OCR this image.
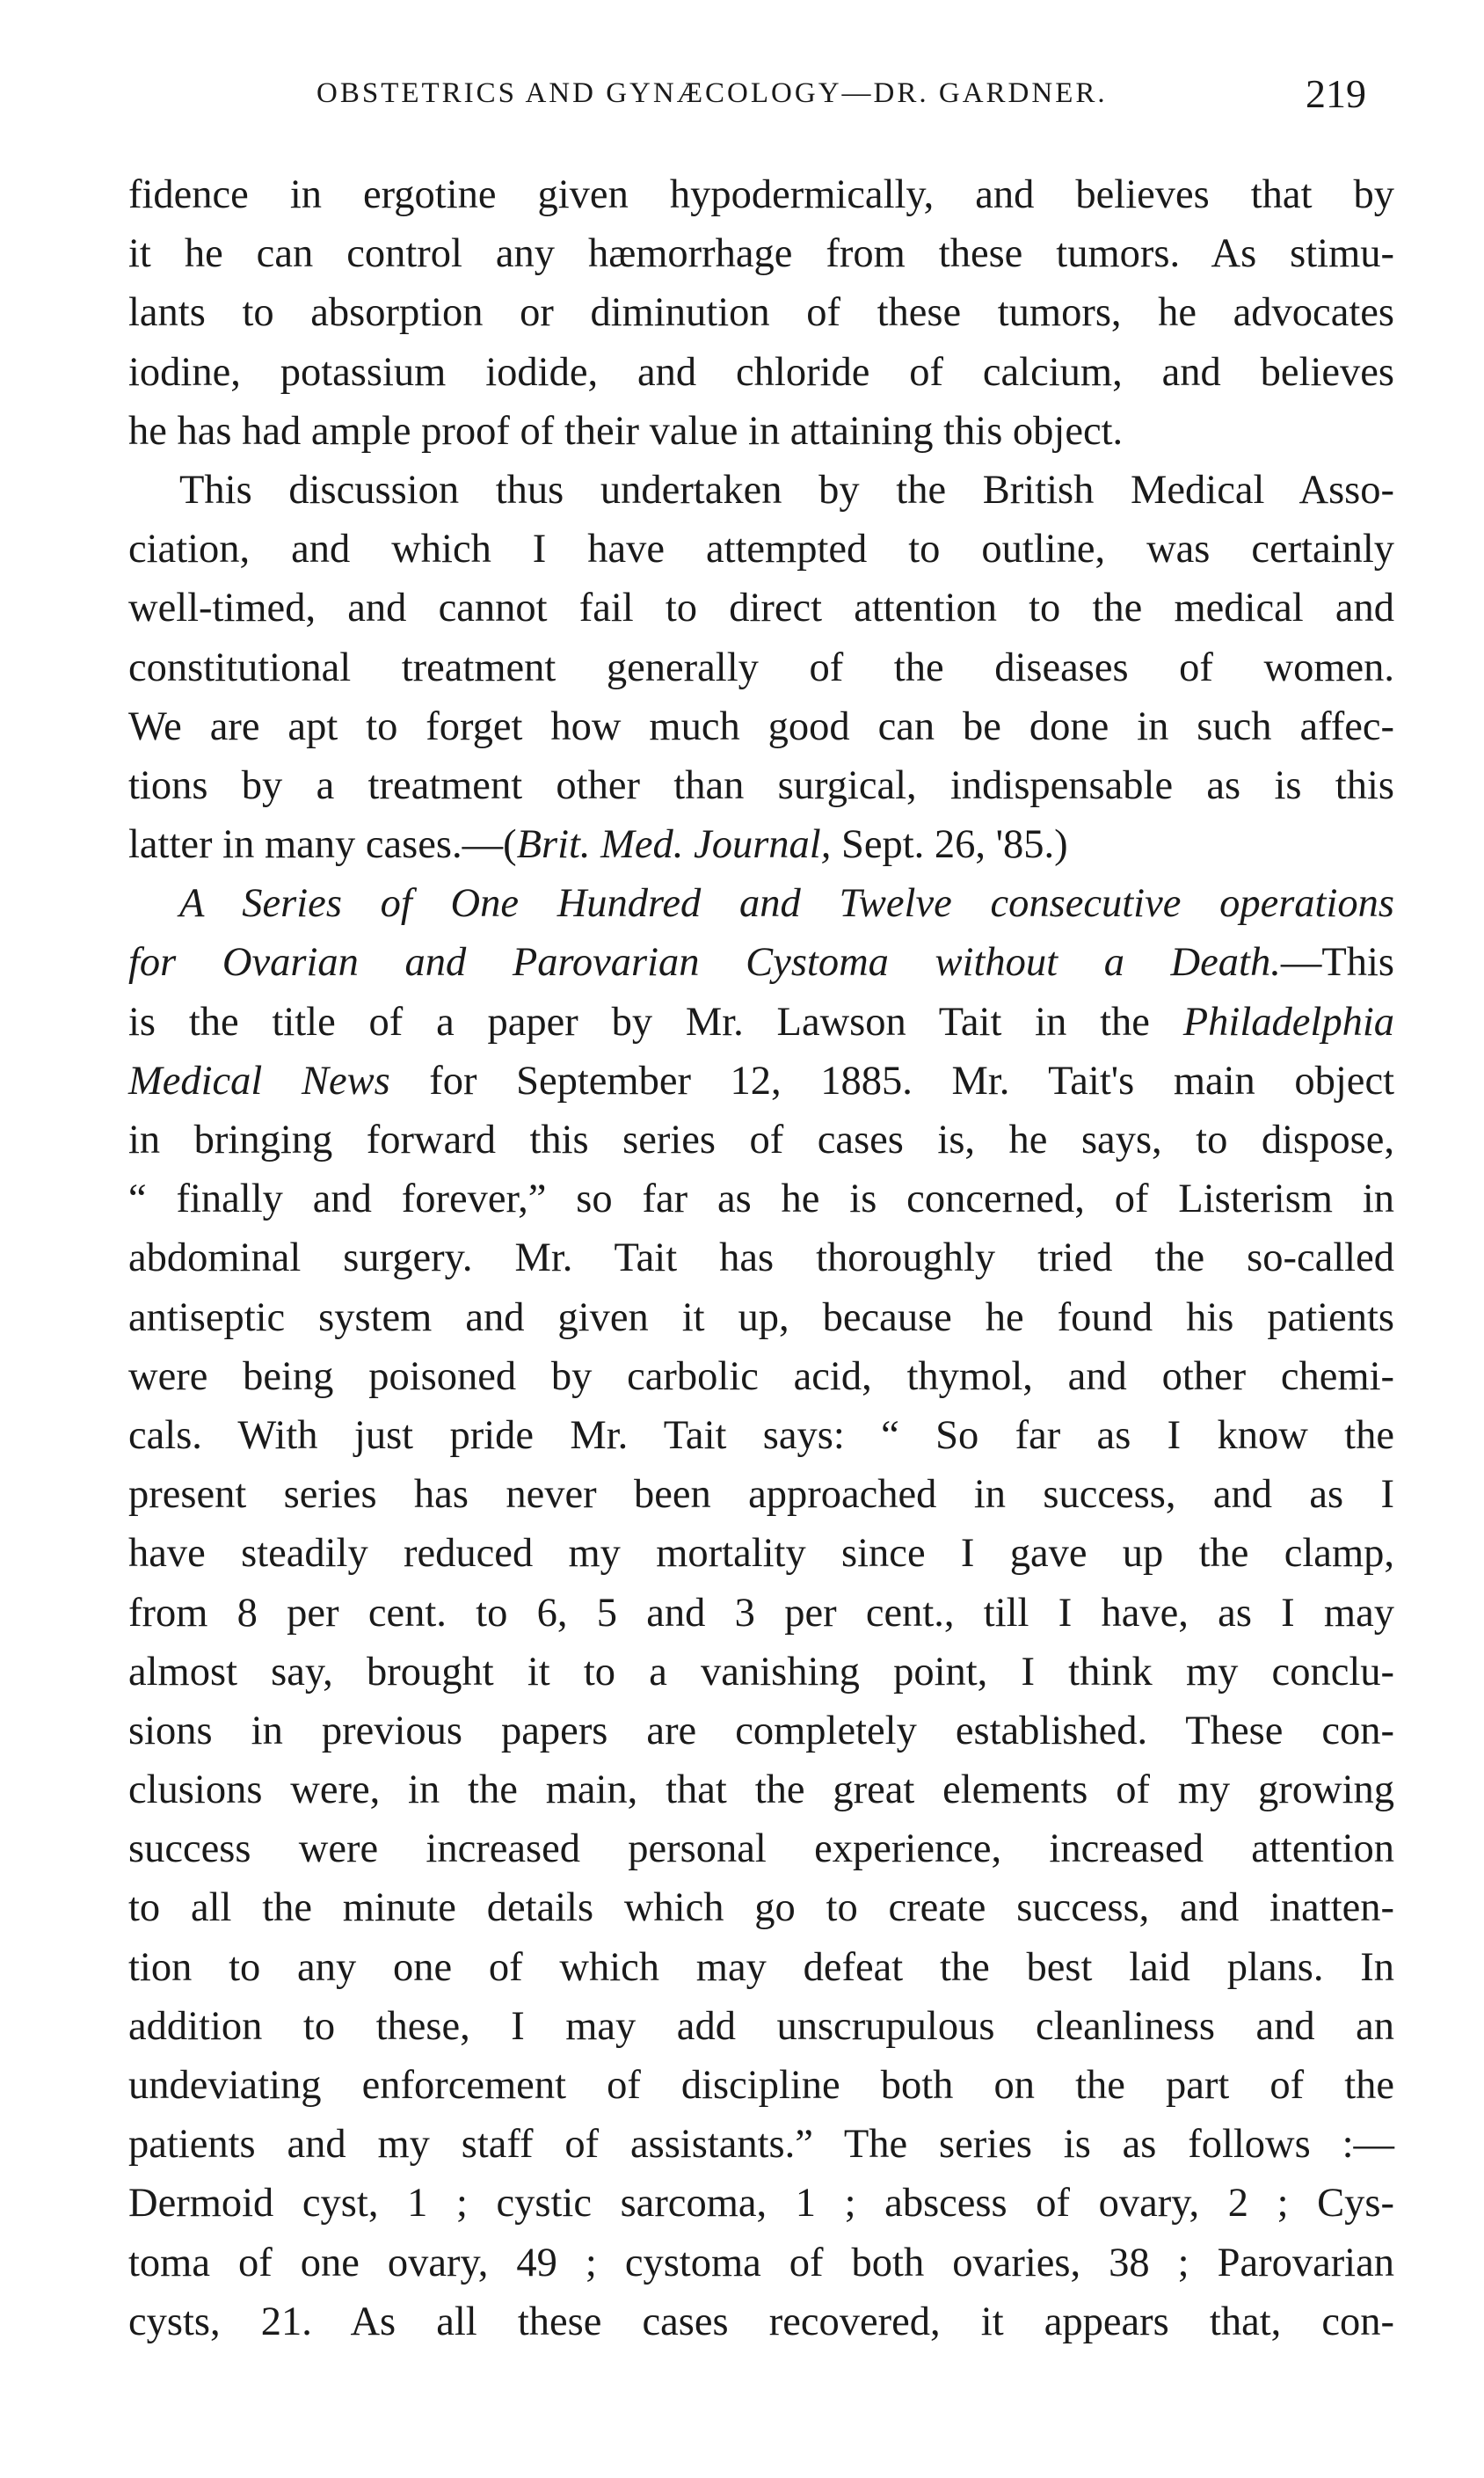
OBSTETRICS AND GYNÆCOLOGY—DR. GARDNER.	219
fidence in ergotine given hypodermically, and believes that by
it he can control any hæmorrhage from these tumors. As stimu-
lants to absorption or diminution of these tumors, he advocates
iodine, potassium iodide, and chloride of calcium, and believes
he has had ample proof of their value in attaining this object.
This discussion thus undertaken by the British Medical Asso-
ciation, and which I have attempted to outline, was certainly
well-timed, and cannot fail to direct attention to the medical and
constitutional treatment generally of the diseases of women.
We are apt to forget how much good can be done in such affec-
tions by a treatment other than surgical, indispensable as is this
latter in many cases.—(Brit. Med. Journal, Sept. 26, '85.)
A Series of One Hundred and Twelve consecutive operations
for Ovarian and Parovarian Cystoma without a Death.—This
is the title of a paper by Mr. Lawson Tait in the Philadelphia
Medical News for September 12, 1885. Mr. Tait's main object
in bringing forward this series of cases is, he says, to dispose,
“ finally and forever,” so far as he is concerned, of Listerism in
abdominal surgery. Mr. Tait has thoroughly tried the so-called
antiseptic system and given it up, because he found his patients
were being poisoned by carbolic acid, thymol, and other chemi-
cals. With just pride Mr. Tait says: “ So far as I know the
present series has never been approached in success, and as I
have steadily reduced my mortality since I gave up the clamp,
from 8 per cent. to 6, 5 and 3 per cent., till I have, as I may
almost say, brought it to a vanishing point, I think my conclu-
sions in previous papers are completely established. These con-
clusions were, in the main, that the great elements of my growing
success were increased personal experience, increased attention
to all the minute details which go to create success, and inatten-
tion to any one of which may defeat the best laid plans. In
addition to these, I may add unscrupulous cleanliness and an
undeviating enforcement of discipline both on the part of the
patients and my staff of assistants.” The series is as follows :—
Dermoid cyst, 1 ; cystic sarcoma, 1 ; abscess of ovary, 2 ; Cys-
toma of one ovary, 49 ; cystoma of both ovaries, 38 ; Parovarian
cysts, 21. As all these cases recovered, it appears that, con-
